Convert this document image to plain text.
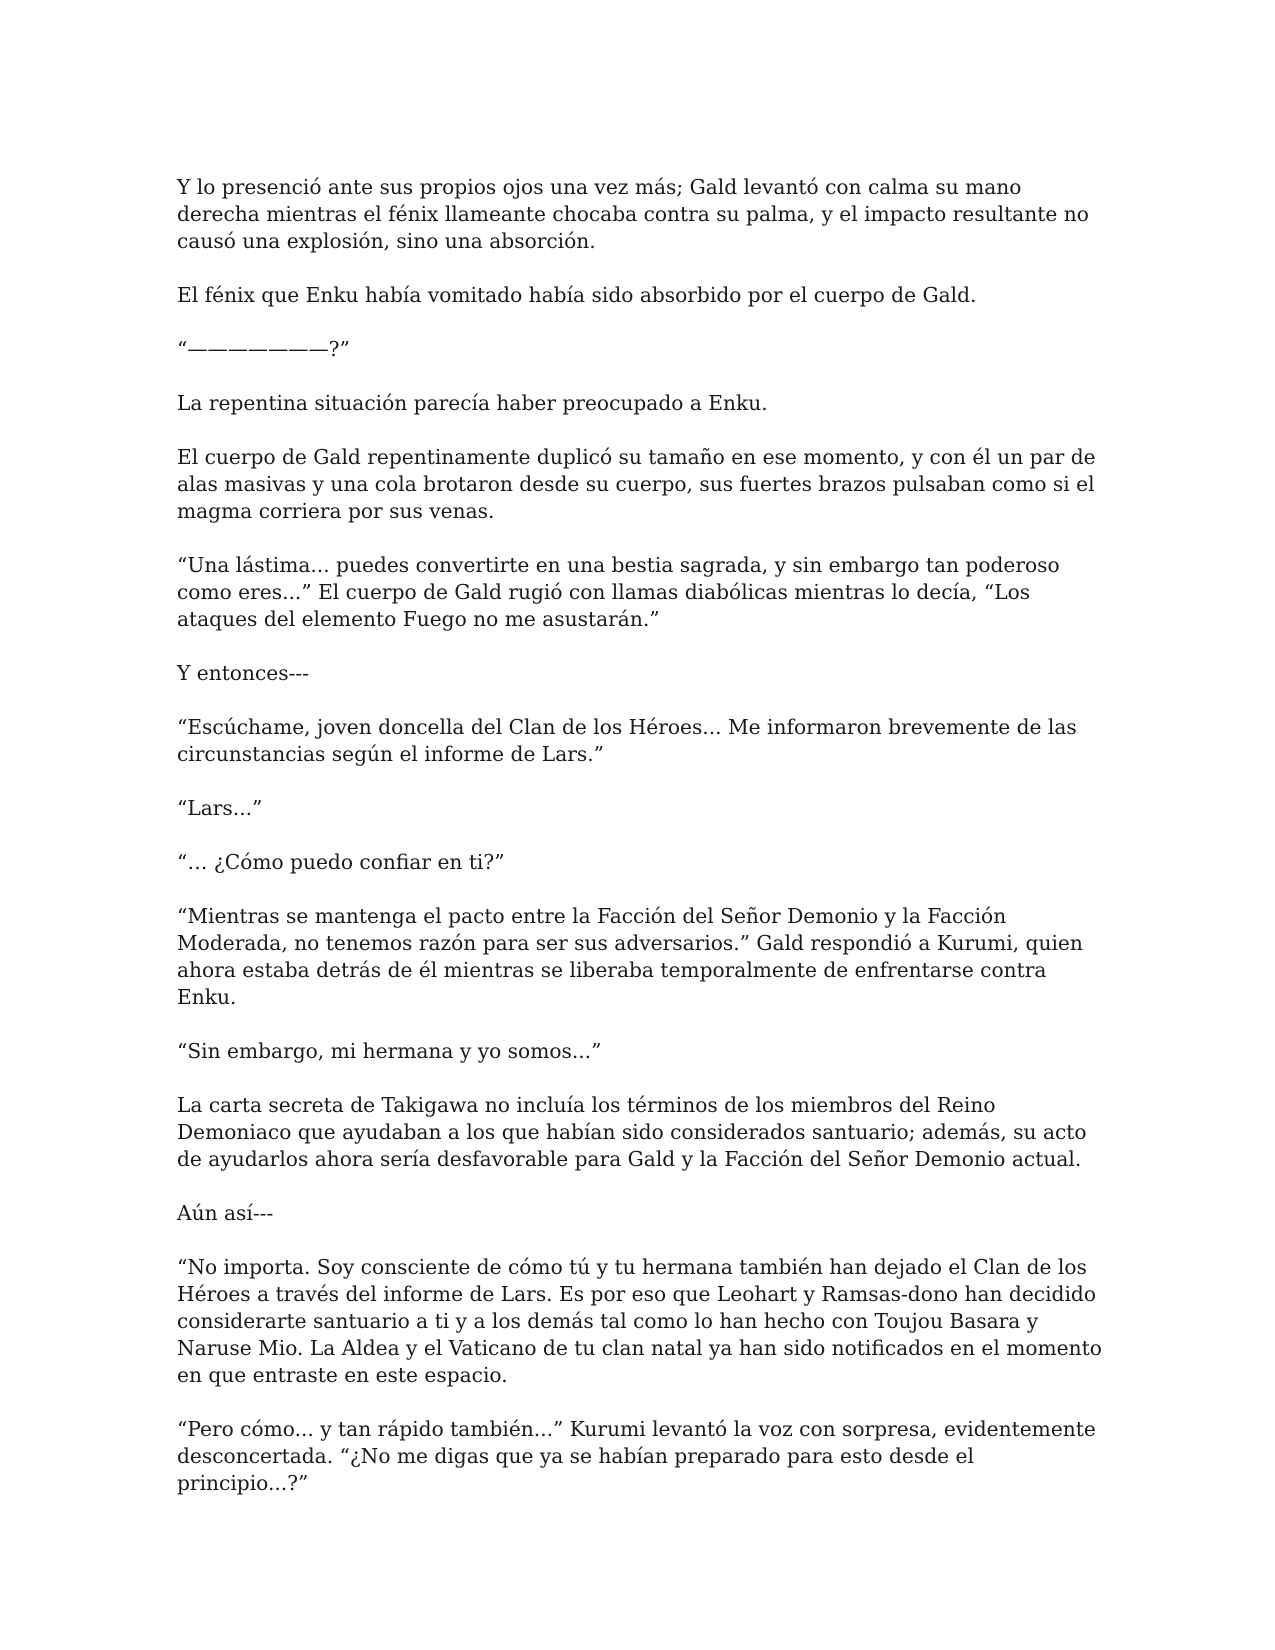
Y lo presenció ante sus propios ojos una vez más; Gald levantó con calma su mano derecha mientras el fénix llameante chocaba contra su palma, y el impacto resultante no causó una explosión, sino una absorción.

El fénix que Enku había vomitado había sido absorbido por el cuerpo de Gald.

“———————?”

La repentina situación parecía haber preocupado a Enku.

El cuerpo de Gald repentinamente duplicó su tamaño en ese momento, y con él un par de alas masivas y una cola brotaron desde su cuerpo, sus fuertes brazos pulsaban como si el magma corriera por sus venas.

“Una lástima... puedes convertirte en una bestia sagrada, y sin embargo tan poderoso como eres...” El cuerpo de Gald rugió con llamas diabólicas mientras lo decía, “Los ataques del elemento Fuego no me asustarán.”

Y entonces---

“Escúchame, joven doncella del Clan de los Héroes... Me informaron brevemente de las circunstancias según el informe de Lars.”

“Lars...”

“… ¿Cómo puedo confiar en ti?”

“Mientras se mantenga el pacto entre la Facción del Señor Demonio y la Facción Moderada, no tenemos razón para ser sus adversarios.” Gald respondió a Kurumi, quien ahora estaba detrás de él mientras se liberaba temporalmente de enfrentarse contra Enku.

“Sin embargo, mi hermana y yo somos...”

La carta secreta de Takigawa no incluía los términos de los miembros del Reino Demoniaco que ayudaban a los que habían sido considerados santuario; además, su acto de ayudarlos ahora sería desfavorable para Gald y la Facción del Señor Demonio actual.

Aún así---

“No importa. Soy consciente de cómo tú y tu hermana también han dejado el Clan de los Héroes a través del informe de Lars. Es por eso que Leohart y Ramsas-dono han decidido considerarte santuario a ti y a los demás tal como lo han hecho con Toujou Basara y Naruse Mio. La Aldea y el Vaticano de tu clan natal ya han sido notificados en el momento en que entraste en este espacio.

“Pero cómo... y tan rápido también...” Kurumi levantó la voz con sorpresa, evidentemente desconcertada. “¿No me digas que ya se habían preparado para esto desde el principio...?”
